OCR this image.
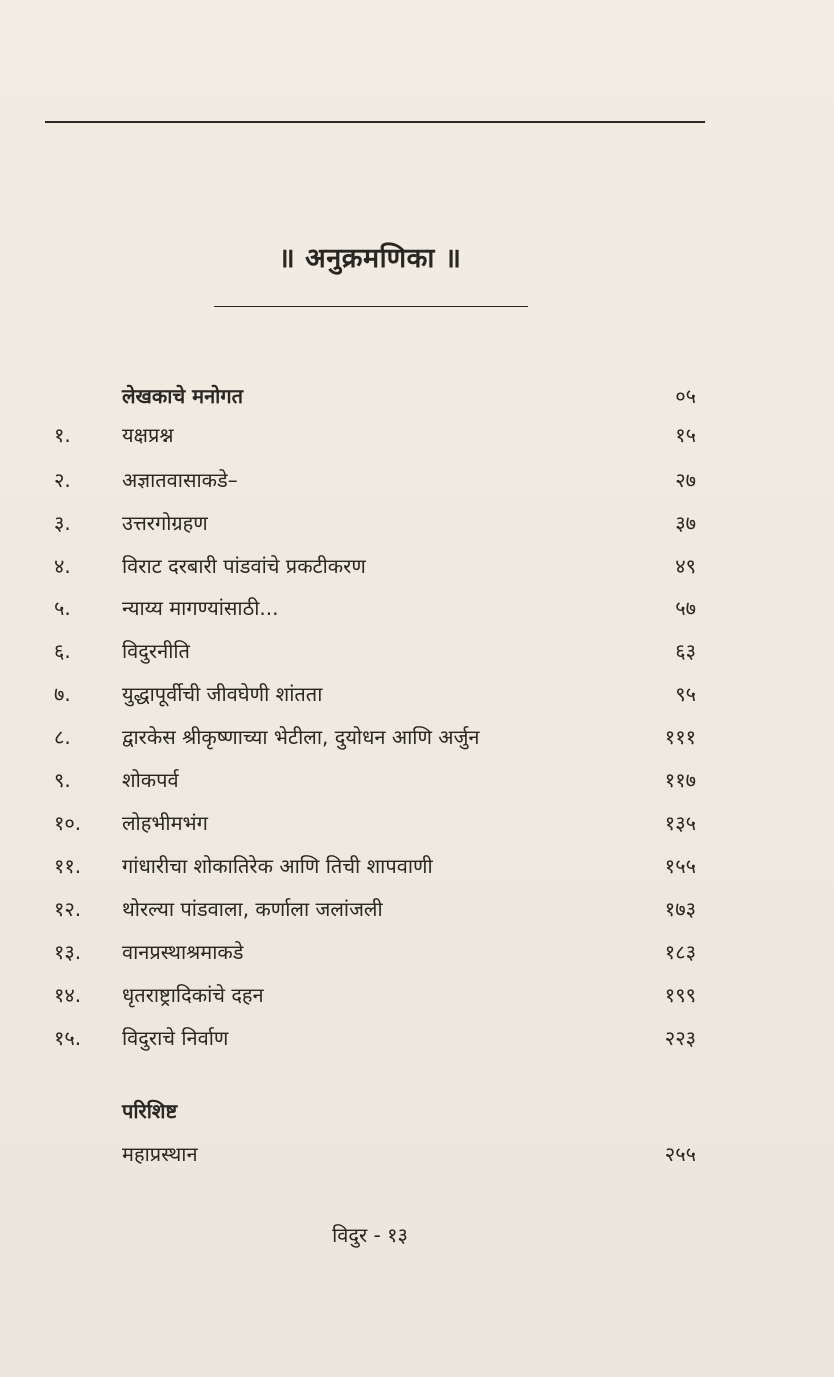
॥ अनुक्रमणिका ॥
लेखकाचे मनोगत	०५
१.	यक्षप्रश्न	१५
२.	अज्ञातवासाकडे–	२७
३.	उत्तरगोग्रहण	३७
४.	विराट दरबारी पांडवांचे प्रकटीकरण	४९
५.	न्याय्य मागण्यांसाठी...	५७
६.	विदुरनीति	६३
७.	युद्धापूर्वीची जीवघेणी शांतता	९५
८.	द्वारकेस श्रीकृष्णाच्या भेटीला, दुयोधन आणि अर्जुन	१११
९.	शोकपर्व	११७
१०.	लोहभीमभंग	१३५
११.	गांधारीचा शोकातिरेक आणि तिची शापवाणी	१५५
१२.	थोरल्या पांडवाला, कर्णाला जलांजली	१७३
१३.	वानप्रस्थाश्रमाकडे	१८३
१४.	धृतराष्ट्रादिकांचे दहन	१९९
१५.	विदुराचे निर्वाण	२२३
परिशिष्ट
महाप्रस्थान	२५५
विदुर - १३
